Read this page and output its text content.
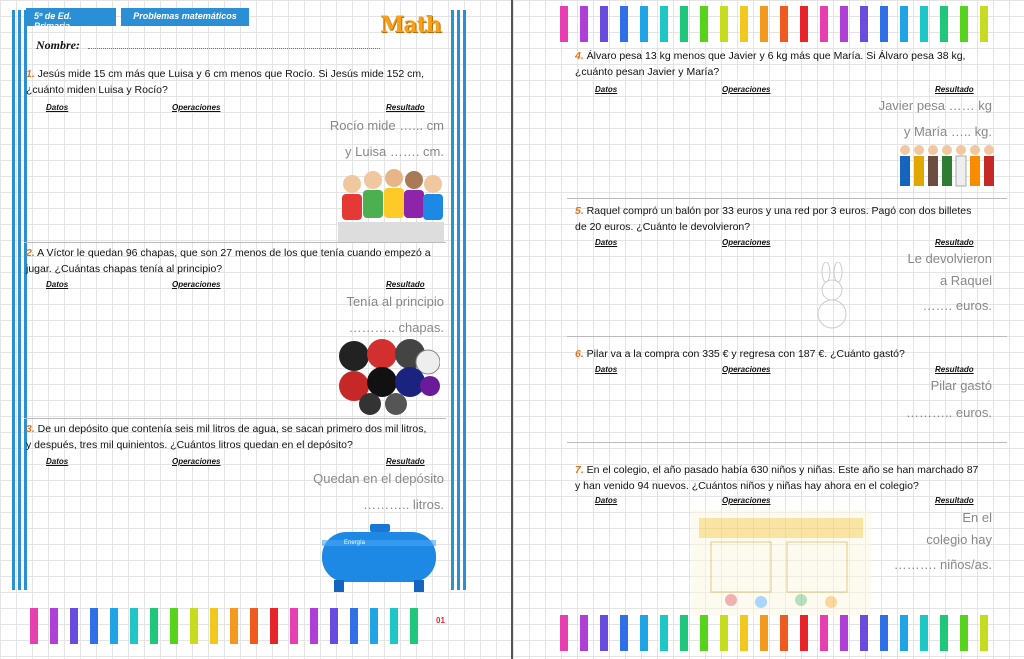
5º de Ed. Primaria
Problemas matemáticos	Math
Nombre:
1. Jesús mide 15 cm más que Luisa y 6 cm menos que Rocío. Si Jesús mide 152 cm,
¿cuánto miden Luisa y Rocío?
Datos	Operaciones	Resultado
Rocío mide …... cm
y Luisa ……. cm.
2. A Víctor le quedan 96 chapas, que son 27 menos de los que tenía cuando empezó a
jugar. ¿Cuántas chapas tenía al principio?
Datos	Operaciones	Resultado
Tenía al principio
……….. chapas.
3. De un depósito que contenía seis mil litros de agua, se sacan primero dos mil litros,
y después, tres mil quinientos. ¿Cuántos litros quedan en el depósito?
Datos	Operaciones	Resultado
Quedan en el depósito
……….. litros.
Energía
01
4. Álvaro pesa 13 kg menos que Javier y 6 kg más que María. Si Álvaro pesa 38 kg,
¿cuánto pesan Javier y María?
Datos	Operaciones	Resultado
Javier pesa …… kg
y María ….. kg.
5. Raquel compró un balón por 33 euros y una red por 3 euros. Pagó con dos billetes
de 20 euros. ¿Cuánto le devolvieron?
Datos	Operaciones	Resultado
Le devolvieron
a Raquel
……. euros.
6. Pilar va a la compra con 335 € y regresa con 187 €. ¿Cuánto gastó?
Datos	Operaciones	Resultado
Pilar gastó
……….. euros.
7. En el colegio, el año pasado había 630 niños y niñas. Este año se han marchado 87
y han venido 94 nuevos. ¿Cuántos niños y niñas hay ahora en el colegio?
Datos	Operaciones	Resultado
En el
colegio hay
………. niños/as.
